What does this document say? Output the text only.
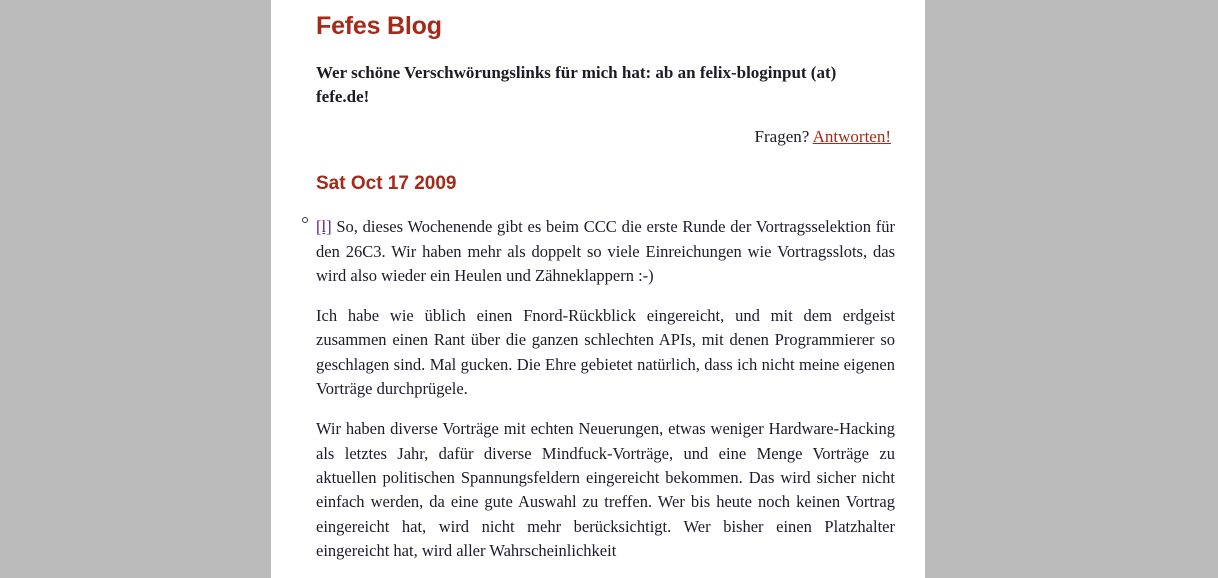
Fefes Blog
Wer schöne Verschwörungslinks für mich hat: ab an felix-bloginput (at) fefe.de!

Fragen? Antworten!

Sat Oct 17 2009

[l] So, dieses Wochenende gibt es beim CCC die erste Runde der Vortragsselektion für den 26C3. Wir haben mehr als doppelt so viele Einreichungen wie Vortragsslots, das wird also wieder ein Heulen und Zähneklappern :-)

Ich habe wie üblich einen Fnord-Rückblick eingereicht, und mit dem erdgeist zusammen einen Rant über die ganzen schlechten APIs, mit denen Programmierer so geschlagen sind. Mal gucken. Die Ehre gebietet natürlich, dass ich nicht meine eigenen Vorträge durchprügele.

Wir haben diverse Vorträge mit echten Neuerungen, etwas weniger Hardware-Hacking als letztes Jahr, dafür diverse Mindfuck-Vorträge, und eine Menge Vorträge zu aktuellen politischen Spannungsfeldern eingereicht bekommen. Das wird sicher nicht einfach werden, da eine gute Auswahl zu treffen. Wer bis heute noch keinen Vortrag eingereicht hat, wird nicht mehr berücksichtigt. Wer bisher einen Platzhalter eingereicht hat, wird aller Wahrscheinlichkeit
